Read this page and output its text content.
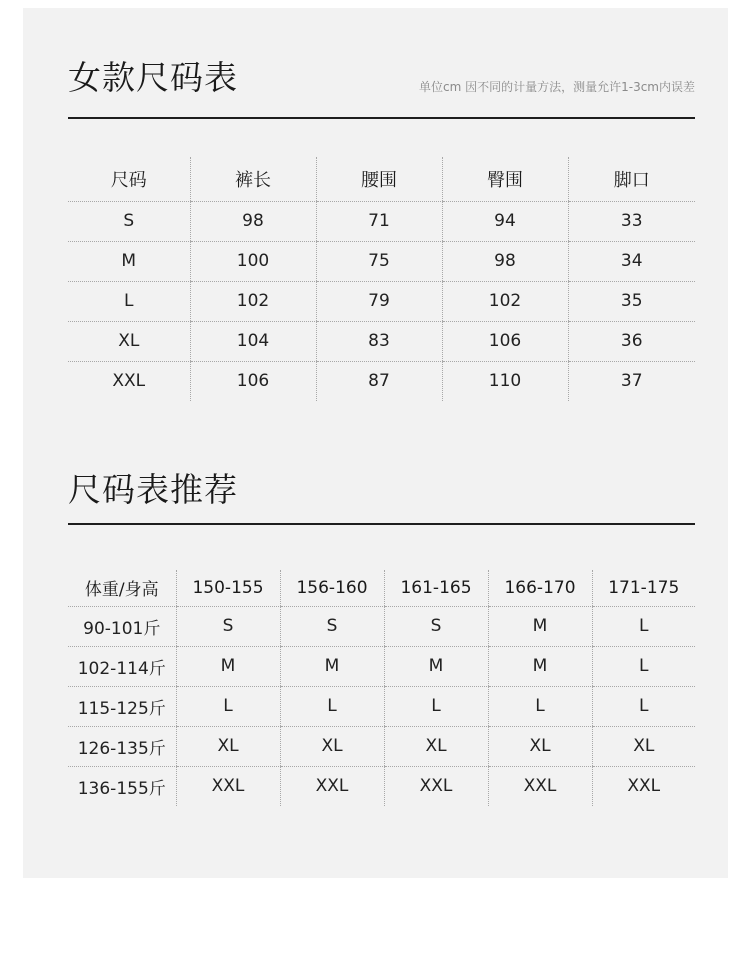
女款尺码表	单位cm 因不同的计量方法，测量允许1-3cm内误差
尺码	裤长	腰围	臀围	脚口
S	98	71	94	33
M	100	75	98	34
L	102	79	102	35
XL	104	83	106	36
XXL	106	87	110	37
尺码表推荐
体重/身高	150-155	156-160	161-165	166-170	171-175
90-101斤	S	S	S	M	L
102-114斤	M	M	M	M	L
115-125斤	L	L	L	L	L
126-135斤	XL	XL	XL	XL	XL
136-155斤	XXL	XXL	XXL	XXL	XXL
